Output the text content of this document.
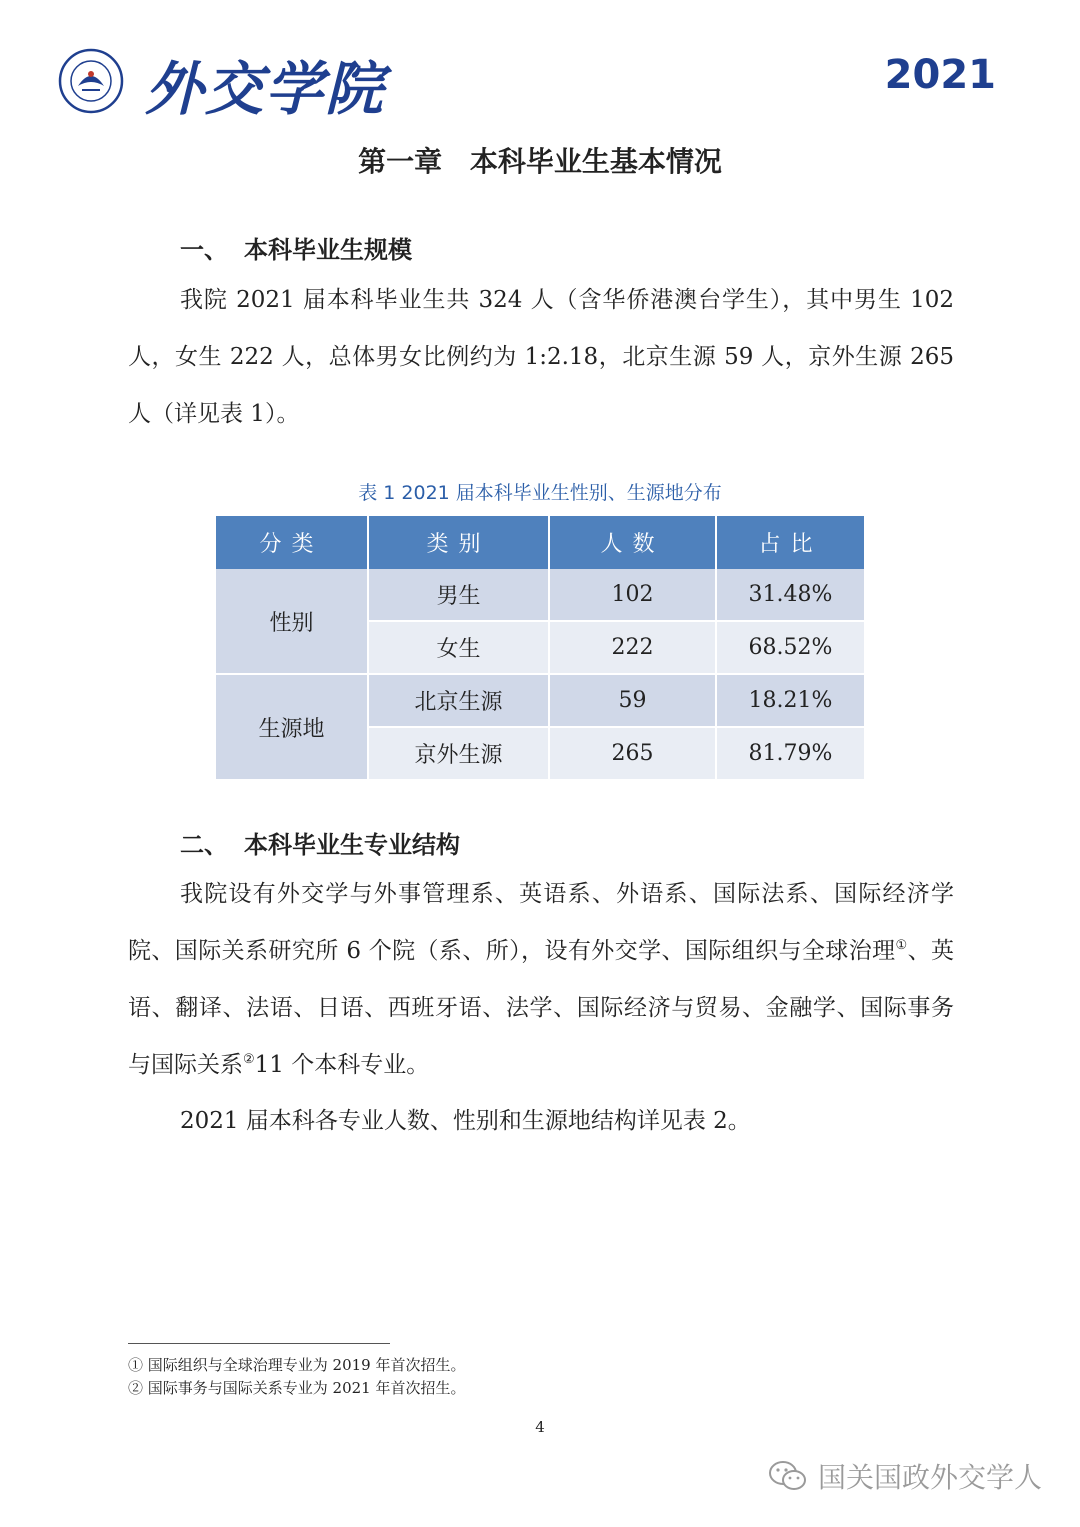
外交学院	2021
第一章 本科毕业生基本情况
一、 本科毕业生规模
我院 2021 届本科毕业生共 324 人（含华侨港澳台学生），其中男生 102 人，女生 222 人，总体男女比例约为 1:2.18，北京生源 59 人，京外生源 265 人（详见表 1）。
表 1 2021 届本科毕业生性别、生源地分布
分类	类别	人数	占比
性别	男生	102	31.48%
	女生	222	68.52%
生源地	北京生源	59	18.21%
	京外生源	265	81.79%
二、 本科毕业生专业结构
我院设有外交学与外事管理系、英语系、外语系、国际法系、国际经济学院、国际关系研究所 6 个院（系、所），设有外交学、国际组织与全球治理①、英语、翻译、法语、日语、西班牙语、法学、国际经济与贸易、金融学、国际事务与国际关系②11 个本科专业。
2021 届本科各专业人数、性别和生源地结构详见表 2。
① 国际组织与全球治理专业为 2019 年首次招生。
② 国际事务与国际关系专业为 2021 年首次招生。
4
国关国政外交学人
